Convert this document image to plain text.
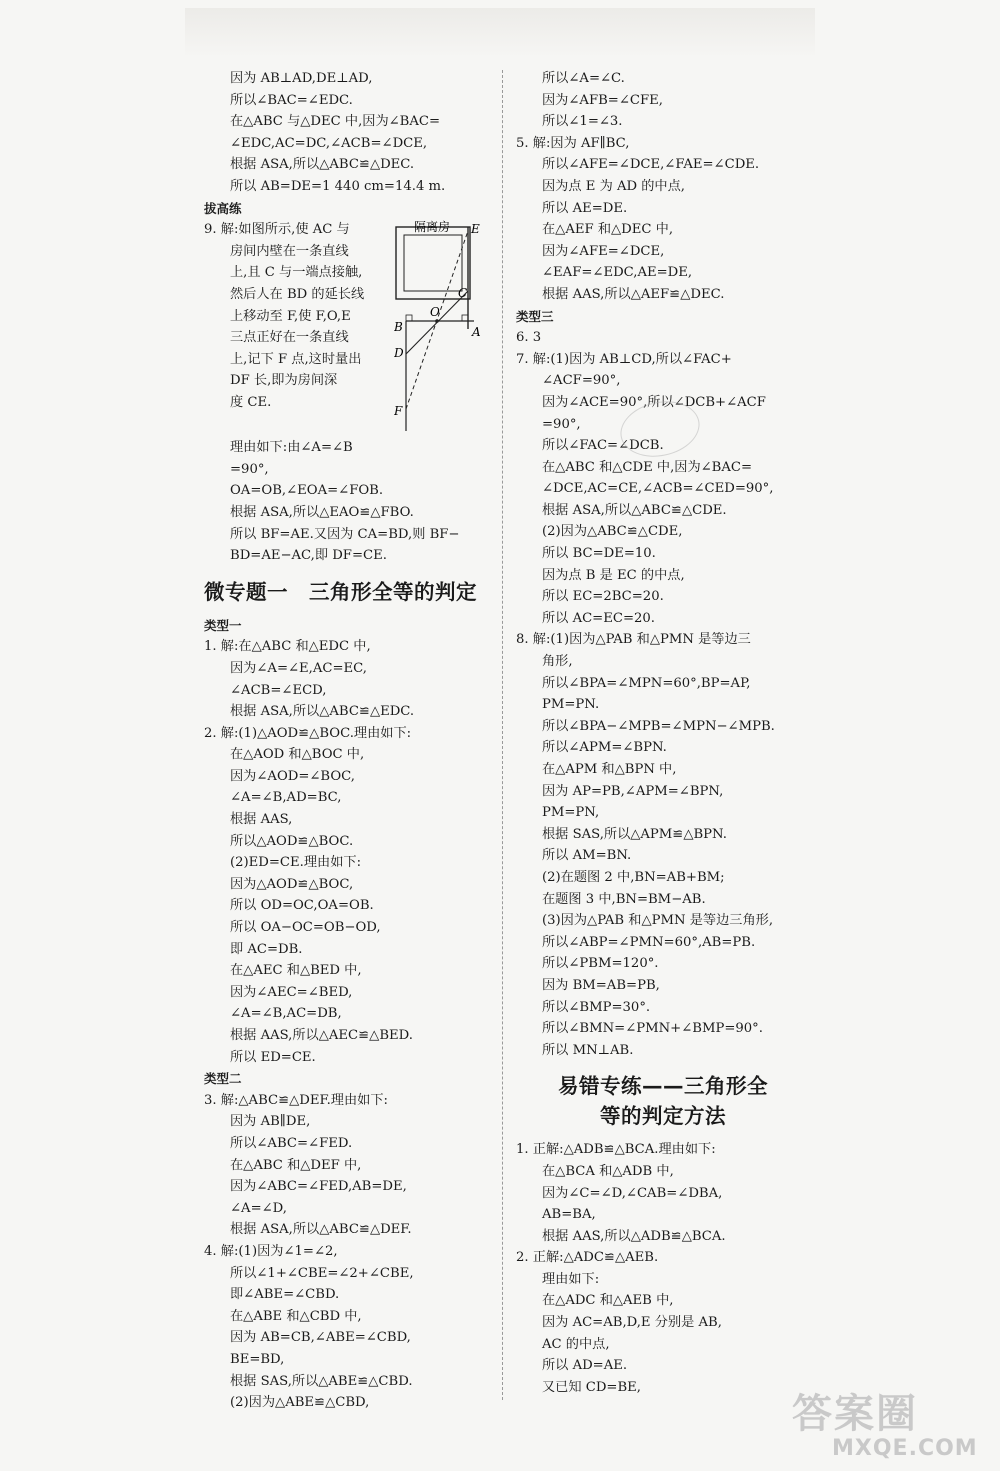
因为 AB⊥AD,DE⊥AD,

所以∠BAC=∠EDC.

在△ABC 与△DEC 中,因为∠BAC=

∠EDC,AC=DC,∠ACB=∠DCE,

根据 ASA,所以△ABC≌△DEC.

所以 AB=DE=1 440 cm=14.4 m.

拔高练

9. 解:如图所示,使 AC 与

房间内壁在一条直线

上,且 C 与一端点接触,

然后人在 BD 的延长线

上移动至 F,使 F,O,E

三点正好在一条直线

上,记下 F 点,这时量出

DF 长,即为房间深

度 CE.

隔离房 E
C
B
O
A
D
F

理由如下:由∠A=∠B

=90°,

OA=OB,∠EOA=∠FOB.

根据 ASA,所以△EAO≌△FBO.

所以 BF=AE.又因为 CA=BD,则 BF−

BD=AE−AC,即 DF=CE.

微专题一　三角形全等的判定

类型一

1. 解:在△ABC 和△EDC 中,

因为∠A=∠E,AC=EC,

∠ACB=∠ECD,

根据 ASA,所以△ABC≌△EDC.

2. 解:(1)△AOD≌△BOC.理由如下:

在△AOD 和△BOC 中,

因为∠AOD=∠BOC,

∠A=∠B,AD=BC,

根据 AAS,

所以△AOD≌△BOC.

(2)ED=CE.理由如下:

因为△AOD≌△BOC,

所以 OD=OC,OA=OB.

所以 OA−OC=OB−OD,

即 AC=DB.

在△AEC 和△BED 中,

因为∠AEC=∠BED,

∠A=∠B,AC=DB,

根据 AAS,所以△AEC≌△BED.

所以 ED=CE.

类型二

3. 解:△ABC≌△DEF.理由如下:

因为 AB∥DE,

所以∠ABC=∠FED.

在△ABC 和△DEF 中,

因为∠ABC=∠FED,AB=DE,

∠A=∠D,

根据 ASA,所以△ABC≌△DEF.

4. 解:(1)因为∠1=∠2,

所以∠1+∠CBE=∠2+∠CBE,

即∠ABE=∠CBD.

在△ABE 和△CBD 中,

因为 AB=CB,∠ABE=∠CBD,

BE=BD,

根据 SAS,所以△ABE≌△CBD.

(2)因为△ABE≌△CBD,

所以∠A=∠C.

因为∠AFB=∠CFE,

所以∠1=∠3.

5. 解:因为 AF∥BC,

所以∠AFE=∠DCE,∠FAE=∠CDE.

因为点 E 为 AD 的中点,

所以 AE=DE.

在△AEF 和△DEC 中,

因为∠AFE=∠DCE,

∠EAF=∠EDC,AE=DE,

根据 AAS,所以△AEF≌△DEC.

类型三

6. 3

7. 解:(1)因为 AB⊥CD,所以∠FAC+

∠ACF=90°,

因为∠ACE=90°,所以∠DCB+∠ACF

=90°,

所以∠FAC=∠DCB.

在△ABC 和△CDE 中,因为∠BAC=

∠DCE,AC=CE,∠ACB=∠CED=90°,

根据 ASA,所以△ABC≌△CDE.

(2)因为△ABC≌△CDE,

所以 BC=DE=10.

因为点 B 是 EC 的中点,

所以 EC=2BC=20.

所以 AC=EC=20.

8. 解:(1)因为△PAB 和△PMN 是等边三

角形,

所以∠BPA=∠MPN=60°,BP=AP,

PM=PN.

所以∠BPA−∠MPB=∠MPN−∠MPB.

所以∠APM=∠BPN.

在△APM 和△BPN 中,

因为 AP=PB,∠APM=∠BPN,

PM=PN,

根据 SAS,所以△APM≌△BPN.

所以 AM=BN.

(2)在题图 2 中,BN=AB+BM;

在题图 3 中,BN=BM−AB.

(3)因为△PAB 和△PMN 是等边三角形,

所以∠ABP=∠PMN=60°,AB=PB.

所以∠PBM=120°.

因为 BM=AB=PB,

所以∠BMP=30°.

所以∠BMN=∠PMN+∠BMP=90°.

所以 MN⊥AB.

易错专练——三角形全
等的判定方法

1. 正解:△ADB≌△BCA.理由如下:

在△BCA 和△ADB 中,

因为∠C=∠D,∠CAB=∠DBA,

AB=BA,

根据 AAS,所以△ADB≌△BCA.

2. 正解:△ADC≌△AEB.

理由如下:

在△ADC 和△AEB 中,

因为 AC=AB,D,E 分别是 AB,

AC 的中点,

所以 AD=AE.

又已知 CD=BE,

答案圈
MXQE.COM
